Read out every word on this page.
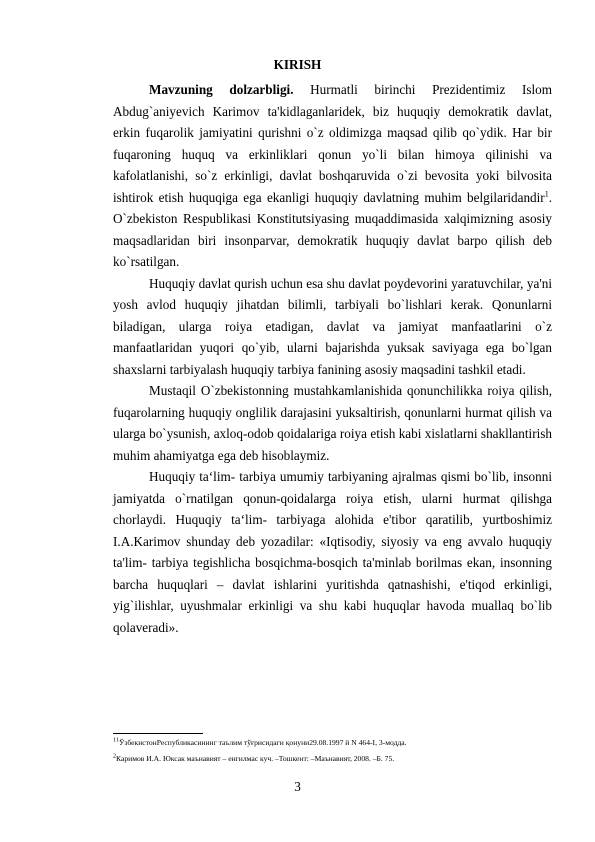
KIRISH

Mavzuning dolzarbligi. Hurmatli birinchi Prezidentimiz Islom Abdug`aniyevich Karimov ta'kidlaganlaridek, biz huquqiy demokratik davlat, erkin fuqarolik jamiyatini qurishni o`z oldimizga maqsad qilib qo`ydik. Har bir fuqaroning huquq va erkinliklari qonun yo`li bilan himoya qilinishi va kafolatlanishi, so`z erkinligi, davlat boshqaruvida o`zi bevosita yoki bilvosita ishtirok etish huquqiga ega ekanligi huquqiy davlatning muhim belgilaridandir$^1$. O`zbekiston Respublikasi Konstitutsiyasing muqaddimasida xalqimizning asosiy maqsadlaridan biri insonparvar, demokratik huquqiy davlat barpo qilish deb ko`rsatilgan.

Huquqiy davlat qurish uchun esa shu davlat poydevorini yaratuvchilar, ya'ni yosh avlod huquqiy jihatdan bilimli, tarbiyali bo`lishlari kerak. Qonunlarni biladigan, ularga roiya etadigan, davlat va jamiyat manfaatlarini o`z manfaatlaridan yuqori qo`yib, ularni bajarishda yuksak saviyaga ega bo`lgan shaxslarni tarbiyalash huquqiy tarbiya fanining asosiy maqsadini tashkil etadi.

Mustaqil O`zbekistonning mustahkamlanishida qonunchilikka roiya qilish, fuqarolarning huquqiy onglilik darajasini yuksaltirish, qonunlarni hurmat qilish va ularga bo`ysunish, axloq-odob qoidalariga roiya etish kabi xislatlarni shakllantirish muhim ahamiyatga ega deb hisoblaymiz.

Huquqiy ta‘lim- tarbiya umumiy tarbiyaning ajralmas qismi bo`lib, insonni jamiyatda o`rnatilgan qonun-qoidalarga roiya etish, ularni hurmat qilishga chorlaydi. Huquqiy ta‘lim- tarbiyaga alohida e'tibor qaratilib, yurtboshimiz I.A.Karimov shunday deb yozadilar: «Iqtisodiy, siyosiy va eng avvalo huquqiy ta'lim- tarbiya tegishlicha bosqichma-bosqich ta'minlab borilmas ekan, insonning barcha huquqlari – davlat ishlarini yuritishda qatnashishi, e'tiqod erkinligi, yig`ilishlar, uyushmalar erkinligi va shu kabi huquqlar havoda muallaq bo`lib qolaveradi».

$^{11}$ЎзбекистонРеспубликасининг таълим тўғрисидаги қонуни29.08.1997 й N 464-I, 3-модда.
$^2$Каримов И.А. Юксак маънавият – енгилмас куч. –Тошкент: –Маънавият, 2008. –Б. 75.
3
